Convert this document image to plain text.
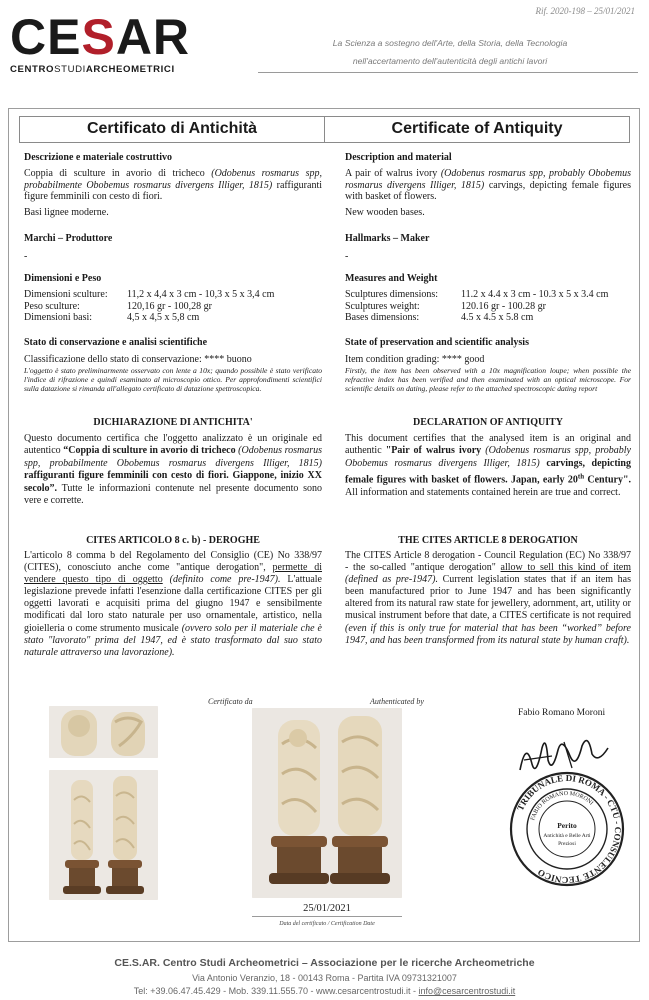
Rif. 2020-198 – 25/01/2021
CESAR
CENTROSTUDIARCHEOMETRICI
La Scienza a sostegno dell'Arte, della Storia, della Tecnologia
nell'accertamento dell'autenticità degli antichi lavori
Certificato di Antichità	Certificate of Antiquity

Descrizione e materiale costruttivo

Coppia di sculture in avorio di tricheco (Odobenus rosmarus spp, probabilmente Obobemus rosmarus divergens Illiger, 1815) raffiguranti figure femminili con cesto di fiori.
Basi lignee moderne.
Marchi – Produttore
-
Dimensioni e Peso
Dimensioni sculture:	11,2 x 4,4 x 3 cm - 10,3 x 5 x 3,4 cm
Peso sculture:	120,16 gr - 100,28 gr
Dimensioni basi:	4,5 x 4,5 x 5,8 cm
Stato di conservazione e analisi scientifiche
Classificazione dello stato di conservazione: **** buono
L'oggetto è stato preliminarmente osservato con lente a 10x; quando possibile è stato verificato l'indice di rifrazione e quindi esaminato al microscopio ottico. Per approfondimenti scientifici sulla datazione si rimanda all'allegato certificato di datazione spettroscopica.
DICHIARAZIONE DI ANTICHITA'
Questo documento certifica che l'oggetto analizzato è un originale ed autentico “Coppia di sculture in avorio di tricheco (Odobenus rosmarus spp, probabilmente Obobemus rosmarus divergens Illiger, 1815) raffiguranti figure femminili con cesto di fiori. Giappone, inizio XX secolo”. Tutte le informazioni contenute nel presente documento sono vere e corrette.
CITES ARTICOLO 8 c. b) - DEROGHE
L'articolo 8 comma b del Regolamento del Consiglio (CE) No 338/97 (CITES), conosciuto anche come "antique derogation", permette di vendere questo tipo di oggetto (definito come pre-1947). L'attuale legislazione prevede infatti l'esenzione dalla certificazione CITES per gli oggetti lavorati e acquisiti prima del giugno 1947 e sensibilmente modificati dal loro stato naturale per uso ornamentale, artistico, nella gioielleria o come strumento musicale (ovvero solo per il materiale che è stato "lavorato" prima del 1947, ed è stato trasformato dal suo stato naturale attraverso una lavorazione).
Description and material
A pair of walrus ivory (Odobenus rosmarus spp, probably Obobemus rosmarus divergens Illiger, 1815) carvings, depicting female figures with basket of flowers.
New wooden bases.
Hallmarks – Maker
-
Measures and Weight
Sculptures dimensions:	11.2 x 4.4 x 3 cm - 10.3 x 5 x 3.4 cm
Sculptures weight:	120.16 gr - 100.28 gr
Bases dimensions:	4.5 x 4.5 x 5.8 cm
State of preservation and scientific analysis
Item condition grading: **** good
Firstly, the item has been observed with a 10x magnification loupe; when possible the refractive index has been verified and then examinated with an optical microscope. For scientific details on dating, please refer to the attached spectroscopic dating report
DECLARATION OF ANTIQUITY
This document certifies that the analysed item is an original and authentic "Pair of walrus ivory (Odobenus rosmarus spp, probably Obobemus rosmarus divergens Illiger, 1815) carvings, depicting female figures with basket of flowers. Japan, early 20th Century". All information and statements contained herein are true and correct.
THE CITES ARTICLE 8 DEROGATION
The CITES Article 8 derogation - Council Regulation (EC) No 338/97 - the so-called "antique derogation" allow to sell this kind of item (defined as pre-1947). Current legislation states that if an item has been manufactured prior to June 1947 and has been significantly altered from its natural raw state for jewellery, adornment, art, utility or musical instrument before that date, a CITES certificate is not required (even if this is only true for material that has been “worked” before 1947, and has been transformed from its natural state by human craft).
Certificato da	Authenticated by
Fabio Romano Moroni
25/01/2021
Data del certificato / Certification Date
TRIBUNALE DI ROMA - CTU - CONSULENTE TECNICO
FABIO ROMANO MORONI
Perito
Antichità e Belle Arti
Preziosi
CE.S.AR. Centro Studi Archeometrici – Associazione per le ricerche Archeometriche
Via Antonio Veranzio, 18 - 00143 Roma - Partita IVA 09731321007
Tel: +39.06.47.45.429 - Mob. 339.11.555.70 - www.cesarcentrostudi.it - info@cesarcentrostudi.it
